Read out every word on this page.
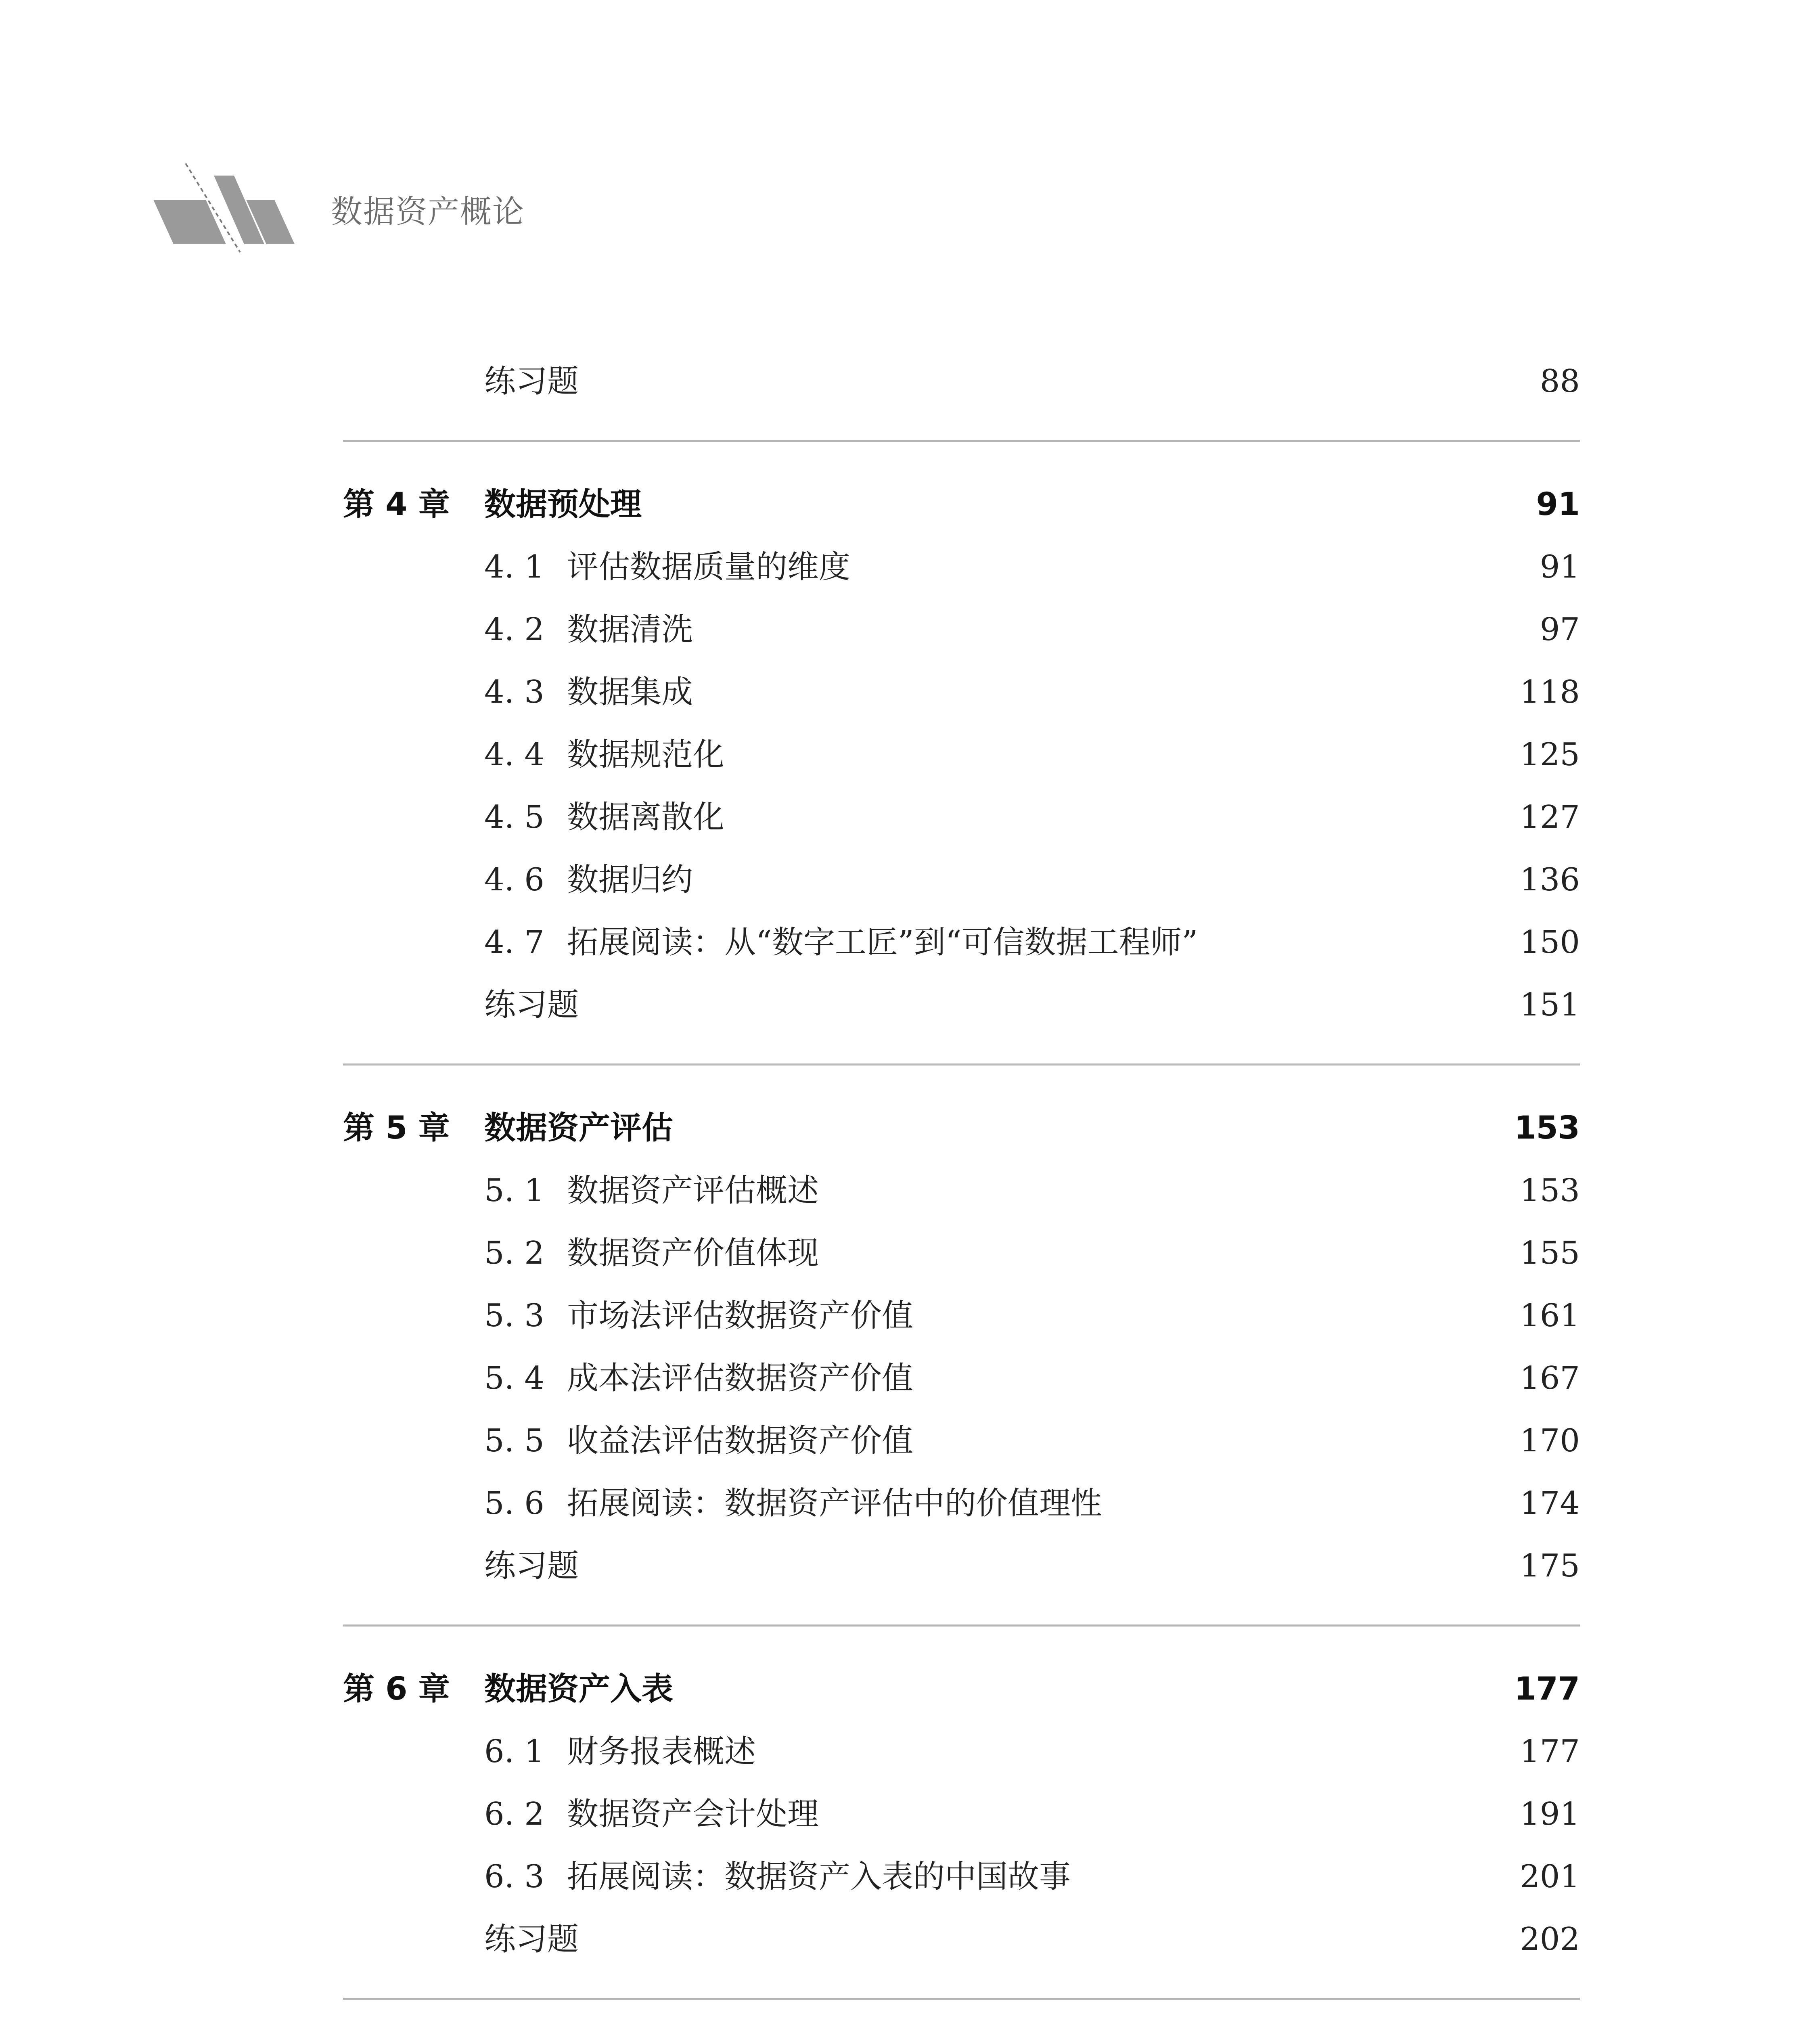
数据资产概论
练习题	88
第 4 章 数据预处理	91
4. 1 评估数据质量的维度	91
4. 2 数据清洗	97
4. 3 数据集成	118
4. 4 数据规范化	125
4. 5 数据离散化	127
4. 6 数据归约	136
4. 7 拓展阅读：从“数字工匠”到“可信数据工程师”	150
练习题	151
第 5 章 数据资产评估	153
5. 1 数据资产评估概述	153
5. 2 数据资产价值体现	155
5. 3 市场法评估数据资产价值	161
5. 4 成本法评估数据资产价值	167
5. 5 收益法评估数据资产价值	170
5. 6 拓展阅读：数据资产评估中的价值理性	174
练习题	175
第 6 章 数据资产入表	177
6. 1 财务报表概述	177
6. 2 数据资产会计处理	191
6. 3 拓展阅读：数据资产入表的中国故事	201
练习题	202
